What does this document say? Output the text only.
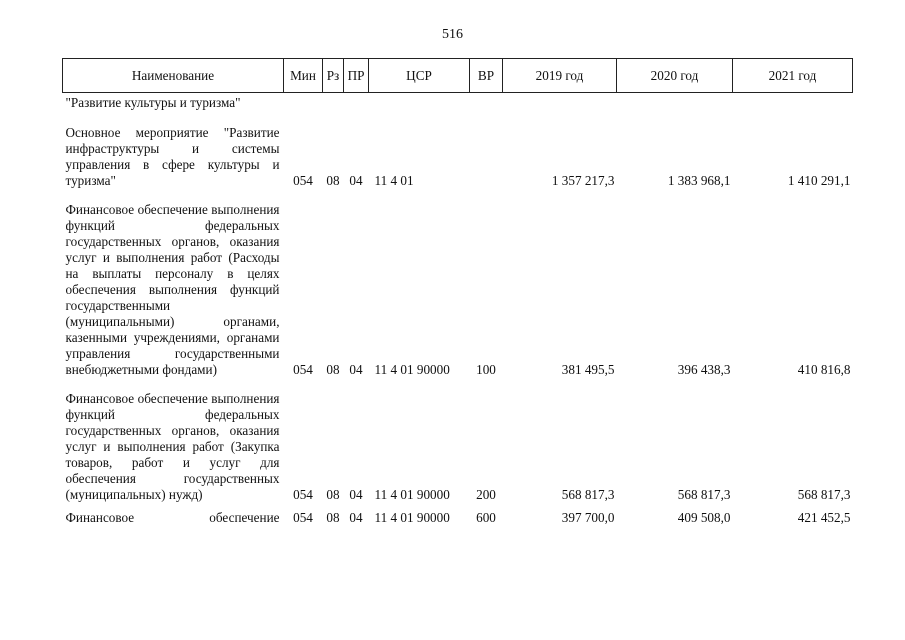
516
Наименование	Мин	Рз	ПР	ЦСР	ВР	2019 год	2020 год	2021 год
"Развитие культуры и туризма"								
Основное мероприятие "Развитие инфраструктуры и системы управления в сфере культуры и туризма"	054	08	04	11 4 01		1 357 217,3	1 383 968,1	1 410 291,1
Финансовое обеспечение выполнения функций федеральных государственных органов, оказания услуг и выполнения работ (Расходы на выплаты персоналу в целях обеспечения выполнения функций государственными (муниципальными) органами, казенными учреждениями, органами управления государственными внебюджетными фондами)	054	08	04	11 4 01 90000	100	381 495,5	396 438,3	410 816,8
Финансовое обеспечение выполнения функций федеральных государственных органов, оказания услуг и выполнения работ (Закупка товаров, работ и услуг для обеспечения государственных (муниципальных) нужд)	054	08	04	11 4 01 90000	200	568 817,3	568 817,3	568 817,3
Финансовое обеспечение	054	08	04	11 4 01 90000	600	397 700,0	409 508,0	421 452,5
